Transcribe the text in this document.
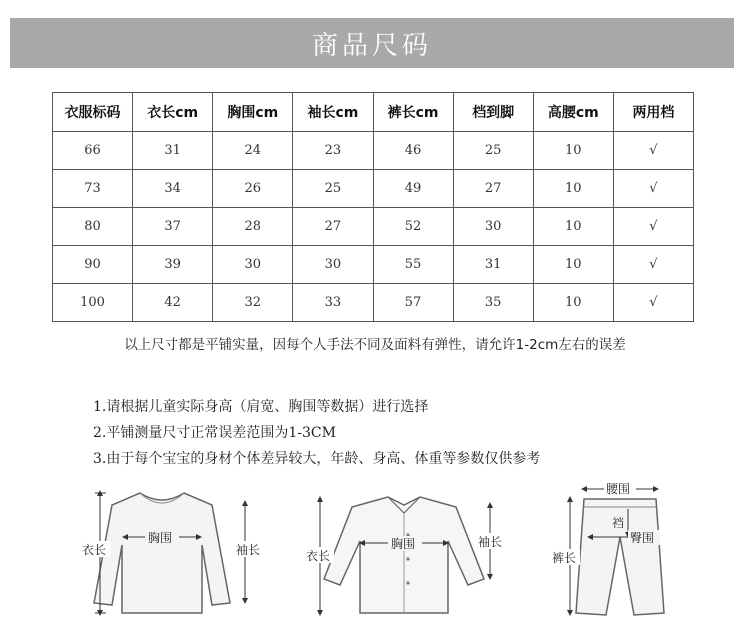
商品尺码
衣服标码	衣长cm	胸围cm	袖长cm	裤长cm	档到脚	高腰cm	两用档
66	31	24	23	46	25	10	√
73	34	26	25	49	27	10	√
80	37	28	27	52	30	10	√
90	39	30	30	55	31	10	√
100	42	32	33	57	35	10	√
以上尺寸都是平铺实量，因每个人手法不同及面料有弹性，请允许1-2cm左右的误差
1.请根据儿童实际身高（肩宽、胸围等数据）进行选择
2.平铺测量尺寸正常误差范围为1-3CM
3.由于每个宝宝的身材个体差异较大，年龄、身高、体重等参数仅供参考
衣长
胸围
袖长	衣长
胸围	袖长
腰围
裆
臀围
裤长
